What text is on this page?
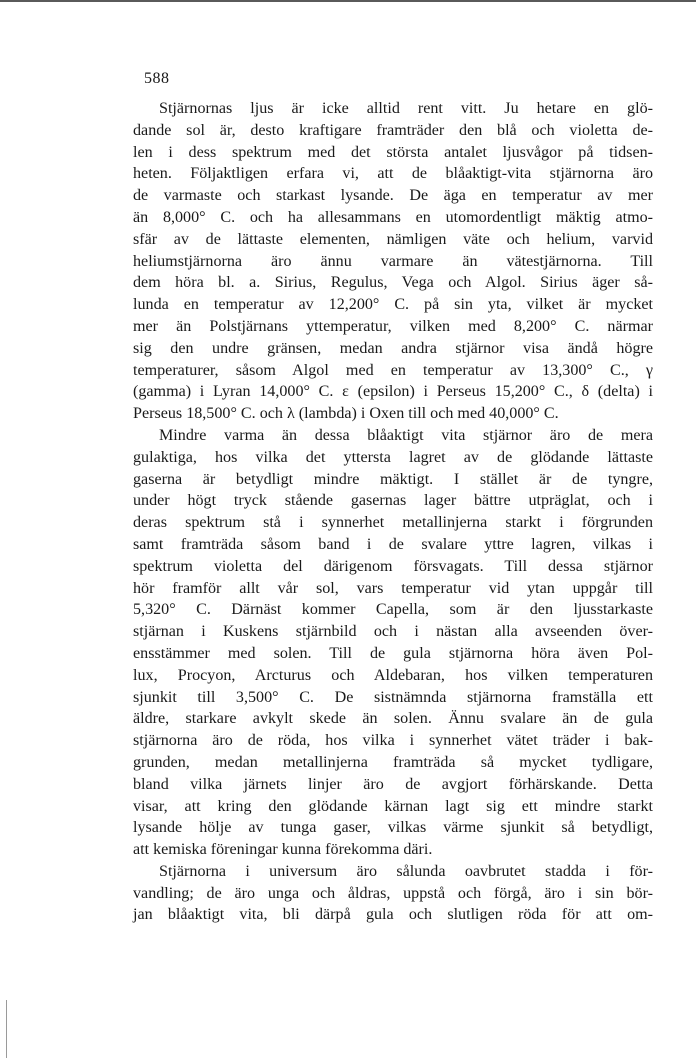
588
Stjärnornas ljus är icke alltid rent vitt. Ju hetare en glö-
dande sol är, desto kraftigare framträder den blå och violetta de-
len i dess spektrum med det största antalet ljusvågor på tidsen-
heten. Följaktligen erfara vi, att de blåaktigt-vita stjärnorna äro
de varmaste och starkast lysande. De äga en temperatur av mer
än 8,000° C. och ha allesammans en utomordentligt mäktig atmo-
sfär av de lättaste elementen, nämligen väte och helium, varvid
heliumstjärnorna äro ännu varmare än vätestjärnorna. Till
dem höra bl. a. Sirius, Regulus, Vega och Algol. Sirius äger så-
lunda en temperatur av 12,200° C. på sin yta, vilket är mycket
mer än Polstjärnans yttemperatur, vilken med 8,200° C. närmar
sig den undre gränsen, medan andra stjärnor visa ändå högre
temperaturer, såsom Algol med en temperatur av 13,300° C., γ
(gamma) i Lyran 14,000° C. ε (epsilon) i Perseus 15,200° C., δ (delta) i
Perseus 18,500° C. och λ (lambda) i Oxen till och med 40,000° C.
Mindre varma än dessa blåaktigt vita stjärnor äro de mera
gulaktiga, hos vilka det yttersta lagret av de glödande lättaste
gaserna är betydligt mindre mäktigt. I stället är de tyngre,
under högt tryck stående gasernas lager bättre utpräglat, och i
deras spektrum stå i synnerhet metallinjerna starkt i förgrunden
samt framträda såsom band i de svalare yttre lagren, vilkas i
spektrum violetta del därigenom försvagats. Till dessa stjärnor
hör framför allt vår sol, vars temperatur vid ytan uppgår till
5,320° C. Därnäst kommer Capella, som är den ljusstarkaste
stjärnan i Kuskens stjärnbild och i nästan alla avseenden över-
ensstämmer med solen. Till de gula stjärnorna höra även Pol-
lux, Procyon, Arcturus och Aldebaran, hos vilken temperaturen
sjunkit till 3,500° C. De sistnämnda stjärnorna framställa ett
äldre, starkare avkylt skede än solen. Ännu svalare än de gula
stjärnorna äro de röda, hos vilka i synnerhet vätet träder i bak-
grunden, medan metallinjerna framträda så mycket tydligare,
bland vilka järnets linjer äro de avgjort förhärskande. Detta
visar, att kring den glödande kärnan lagt sig ett mindre starkt
lysande hölje av tunga gaser, vilkas värme sjunkit så betydligt,
att kemiska föreningar kunna förekomma däri.
Stjärnorna i universum äro sålunda oavbrutet stadda i för-
vandling; de äro unga och åldras, uppstå och förgå, äro i sin bör-
jan blåaktigt vita, bli därpå gula och slutligen röda för att om-
